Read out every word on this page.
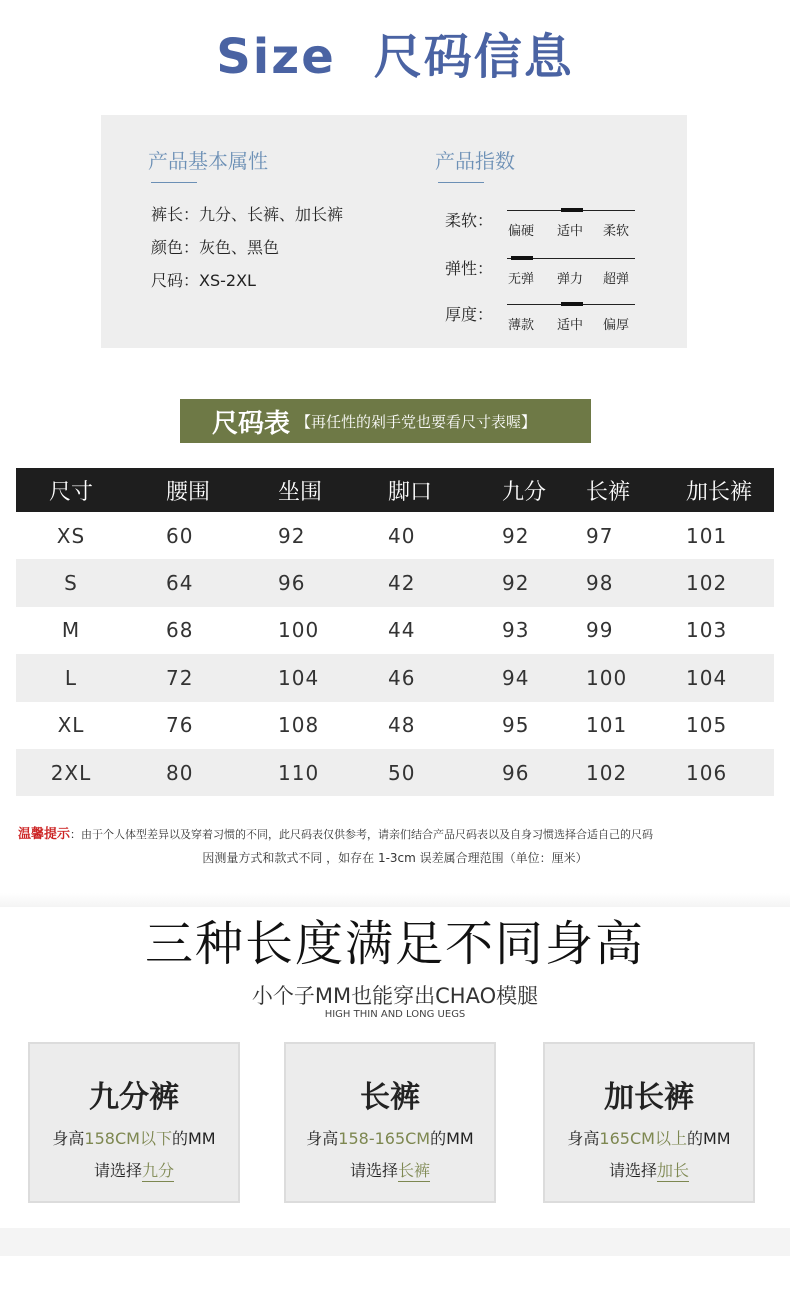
Size 尺码信息
产品基本属性
裤长：九分、长裤、加长裤
颜色：灰色、黑色
尺码：XS-2XL
产品指数
柔软：
偏硬 适中 柔软
弹性：
无弹 弹力 超弹
厚度：
薄款 适中 偏厚
尺码表 【再任性的剁手党也要看尺寸表喔】
尺寸	腰围	坐围	脚口	九分	长裤	加长裤
XS	60	92	40	92	97	101
S	64	96	42	92	98	102
M	68	100	44	93	99	103
L	72	104	46	94	100	104
XL	76	108	48	95	101	105
2XL	80	110	50	96	102	106
温馨提示：由于个人体型差异以及穿着习惯的不同，此尺码表仅供参考，请亲们结合产品尺码表以及自身习惯选择合适自己的尺码
因测量方式和款式不同 ，如存在 1-3cm 误差属合理范围（单位：厘米）
三种长度满足不同身高
小个子MM也能穿出CHAO模腿
HIGH THIN AND LONG UEGS
九分裤
身高158CM以下的MM
请选择九分
长裤
身高158-165CM的MM
请选择长裤
加长裤
身高165CM以上的MM
请选择加长
